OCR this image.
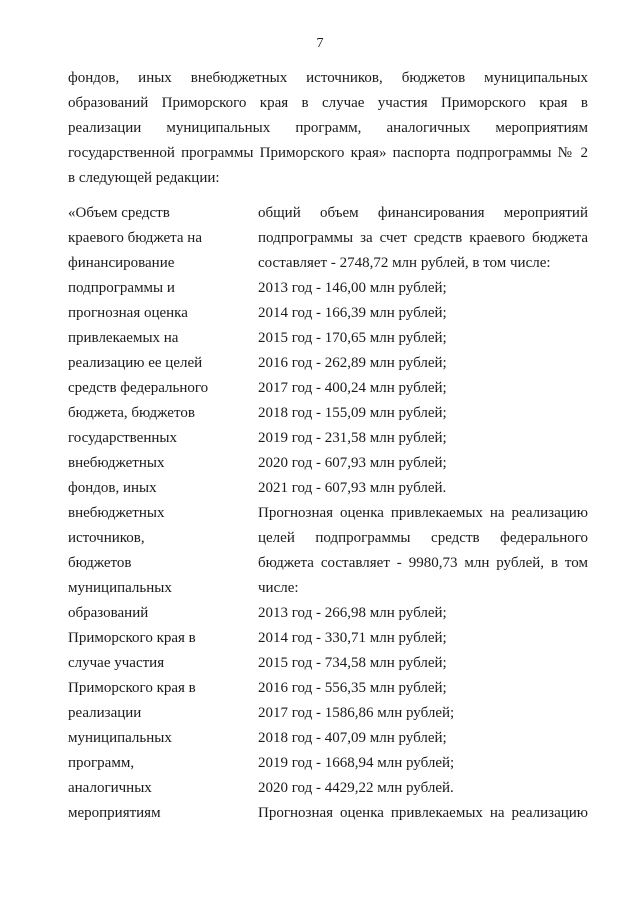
7
фондов, иных внебюджетных источников, бюджетов муниципальных
образований Приморского края в случае участия Приморского края в
реализации муниципальных программ, аналогичных мероприятиям
государственной программы Приморского края» паспорта подпрограммы № 2
в следующей редакции:
«Объем средств
краевого бюджета на
финансирование
подпрограммы и
прогнозная оценка
привлекаемых на
реализацию ее целей
средств федерального
бюджета, бюджетов
государственных
внебюджетных
фондов, иных
внебюджетных
источников,
бюджетов
муниципальных
образований
Приморского края в
случае участия
Приморского края в
реализации
муниципальных
программ,
аналогичных
мероприятиям
общий объем финансирования мероприятий
подпрограммы за счет средств краевого бюджета
составляет - 2748,72 млн рублей, в том числе:
2013 год - 146,00 млн рублей;
2014 год - 166,39 млн рублей;
2015 год - 170,65 млн рублей;
2016 год - 262,89 млн рублей;
2017 год - 400,24 млн рублей;
2018 год - 155,09 млн рублей;
2019 год - 231,58 млн рублей;
2020 год - 607,93 млн рублей;
2021 год - 607,93 млн рублей.
Прогнозная оценка привлекаемых на реализацию
целей подпрограммы средств федерального
бюджета составляет - 9980,73 млн рублей, в том
числе:
2013 год - 266,98 млн рублей;
2014 год - 330,71 млн рублей;
2015 год - 734,58 млн рублей;
2016 год - 556,35 млн рублей;
2017 год - 1586,86 млн рублей;
2018 год - 407,09 млн рублей;
2019 год - 1668,94 млн рублей;
2020 год - 4429,22 млн рублей.
Прогнозная оценка привлекаемых на реализацию
